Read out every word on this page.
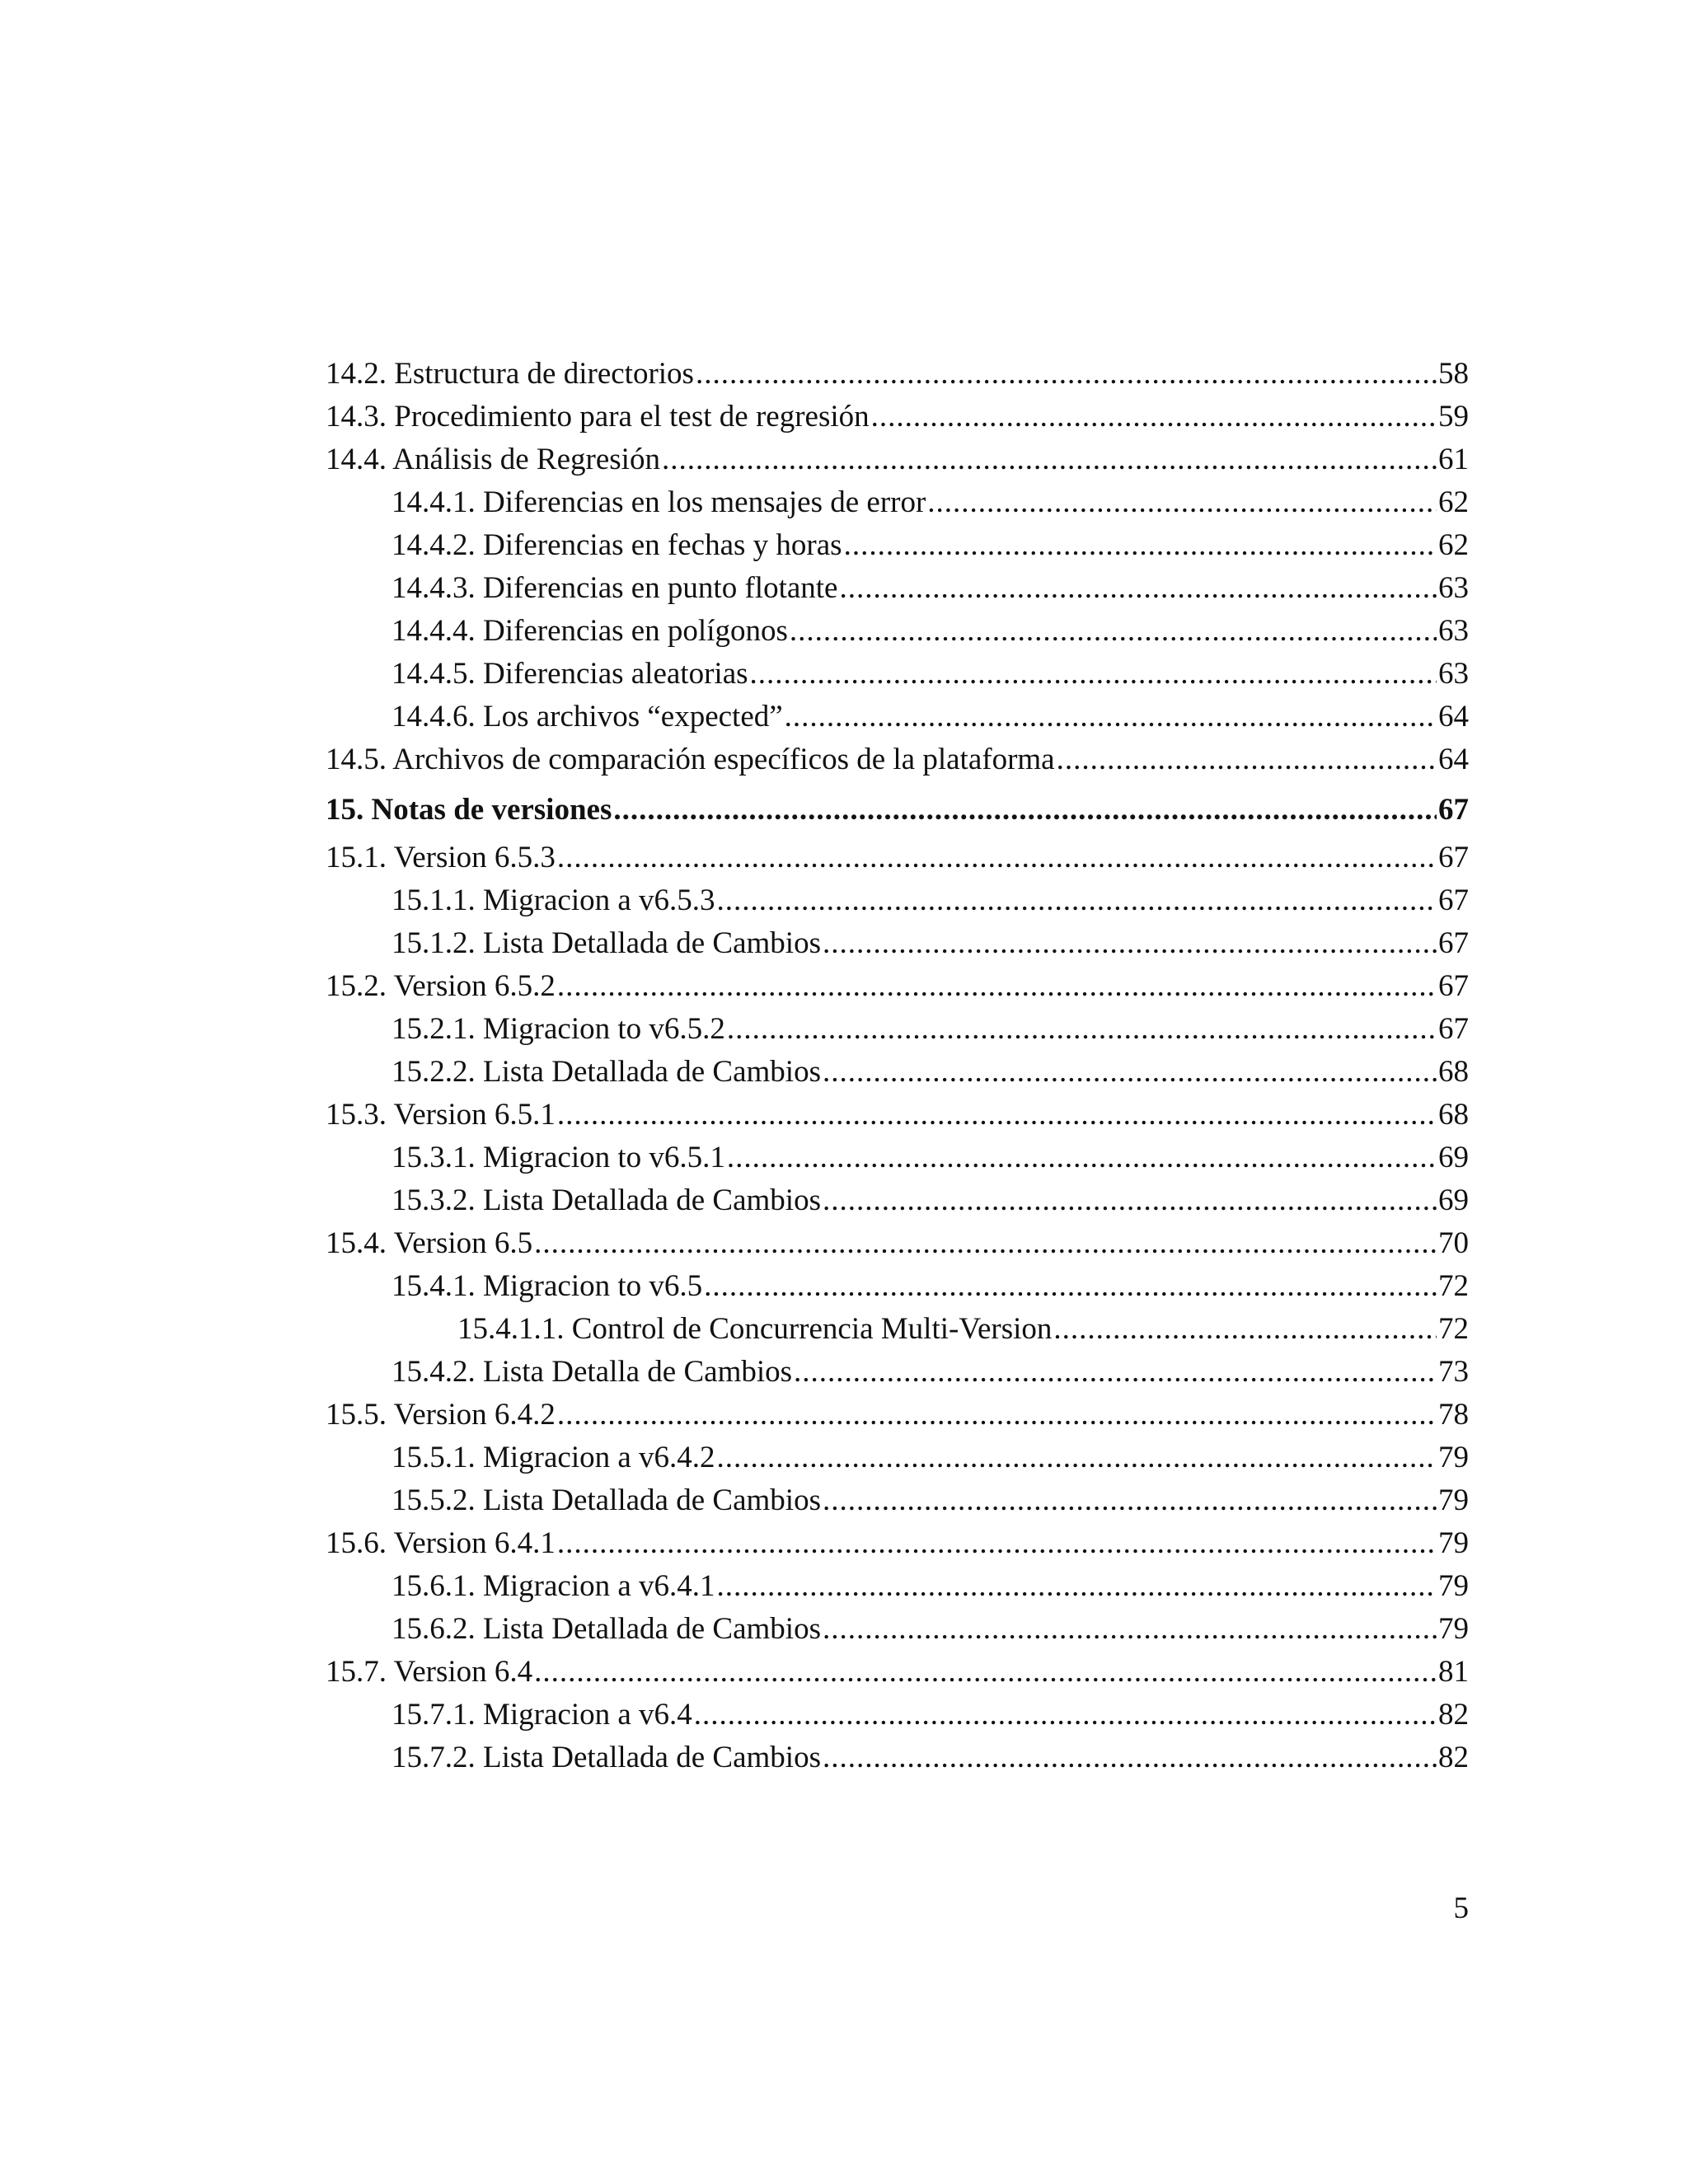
14.2. Estructura de directorios .....	58
14.3. Procedimiento para el test de regresión .....	59
14.4. Análisis de Regresión .....	61
14.4.1. Diferencias en los mensajes de error .....	62
14.4.2. Diferencias en fechas y horas .....	62
14.4.3. Diferencias en punto flotante .....	63
14.4.4. Diferencias en polígonos .....	63
14.4.5. Diferencias aleatorias .....	63
14.4.6. Los archivos “expected” .....	64
14.5. Archivos de comparación específicos de la plataforma .....	64
15. Notas de versiones .....	67
15.1. Version 6.5.3 .....	67
15.1.1. Migracion a v6.5.3 .....	67
15.1.2. Lista Detallada de Cambios .....	67
15.2. Version 6.5.2 .....	67
15.2.1. Migracion to v6.5.2 .....	67
15.2.2. Lista Detallada de Cambios .....	68
15.3. Version 6.5.1 .....	68
15.3.1. Migracion to v6.5.1 .....	69
15.3.2. Lista Detallada de Cambios .....	69
15.4. Version 6.5 .....	70
15.4.1. Migracion to v6.5 .....	72
15.4.1.1. Control de Concurrencia Multi-Version .....	72
15.4.2. Lista Detalla de Cambios .....	73
15.5. Version 6.4.2 .....	78
15.5.1. Migracion a v6.4.2 .....	79
15.5.2. Lista Detallada de Cambios .....	79
15.6. Version 6.4.1 .....	79
15.6.1. Migracion a v6.4.1 .....	79
15.6.2. Lista Detallada de Cambios .....	79
15.7. Version 6.4 .....	81
15.7.1. Migracion a v6.4 .....	82
15.7.2. Lista Detallada de Cambios .....	82
5
